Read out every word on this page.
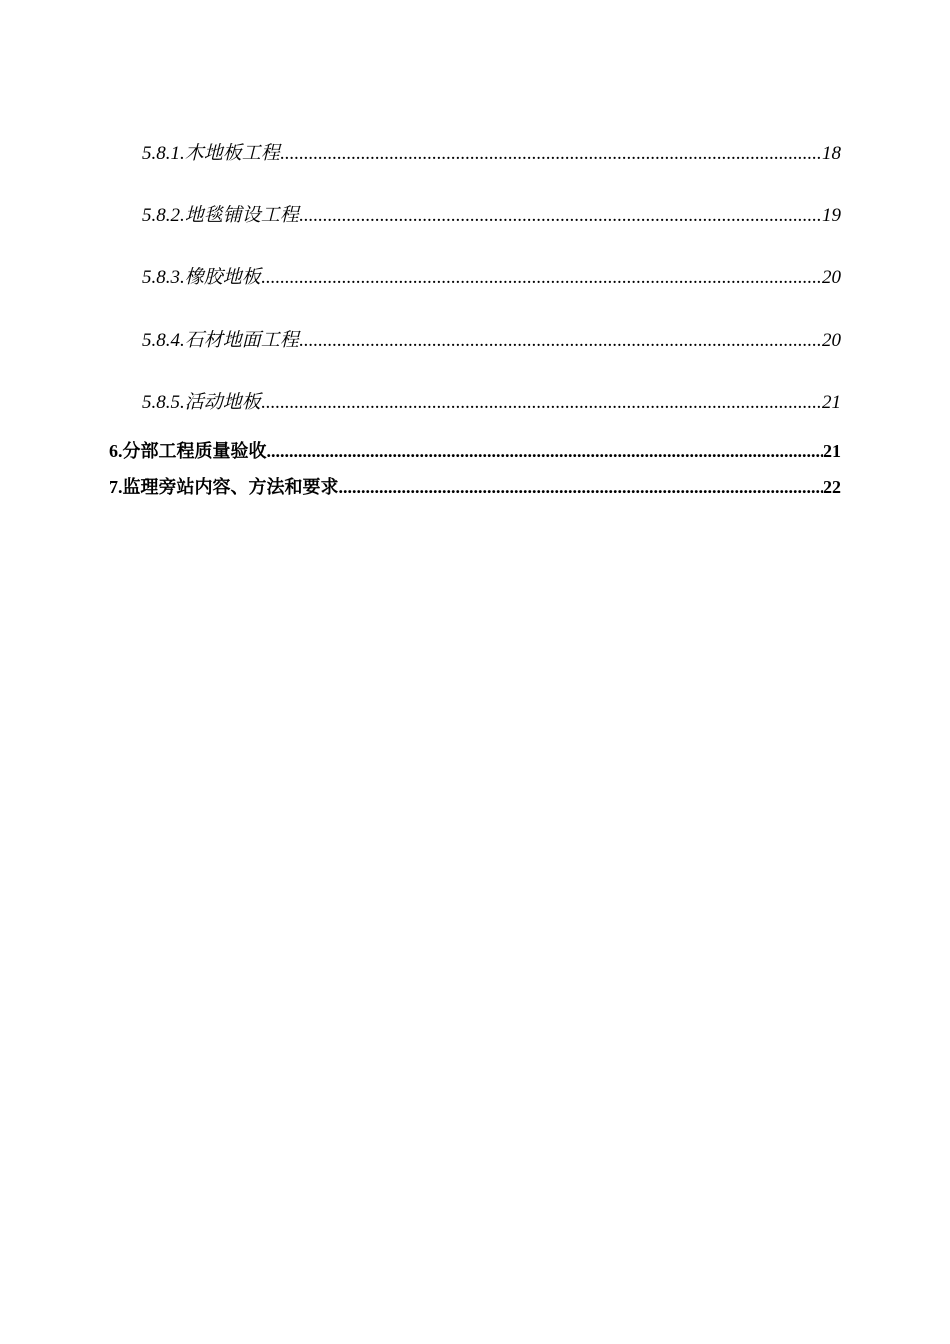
5.8.1. 木地板工程 .....	18
5.8.2. 地毯铺设工程 .....	19
5.8.3. 橡胶地板 .....	20
5.8.4. 石材地面工程 .....	20
5.8.5. 活动地板 .....	21
6. 分部工程质量验收 .....	21
7. 监理旁站内容、方法和要求 .....	22
